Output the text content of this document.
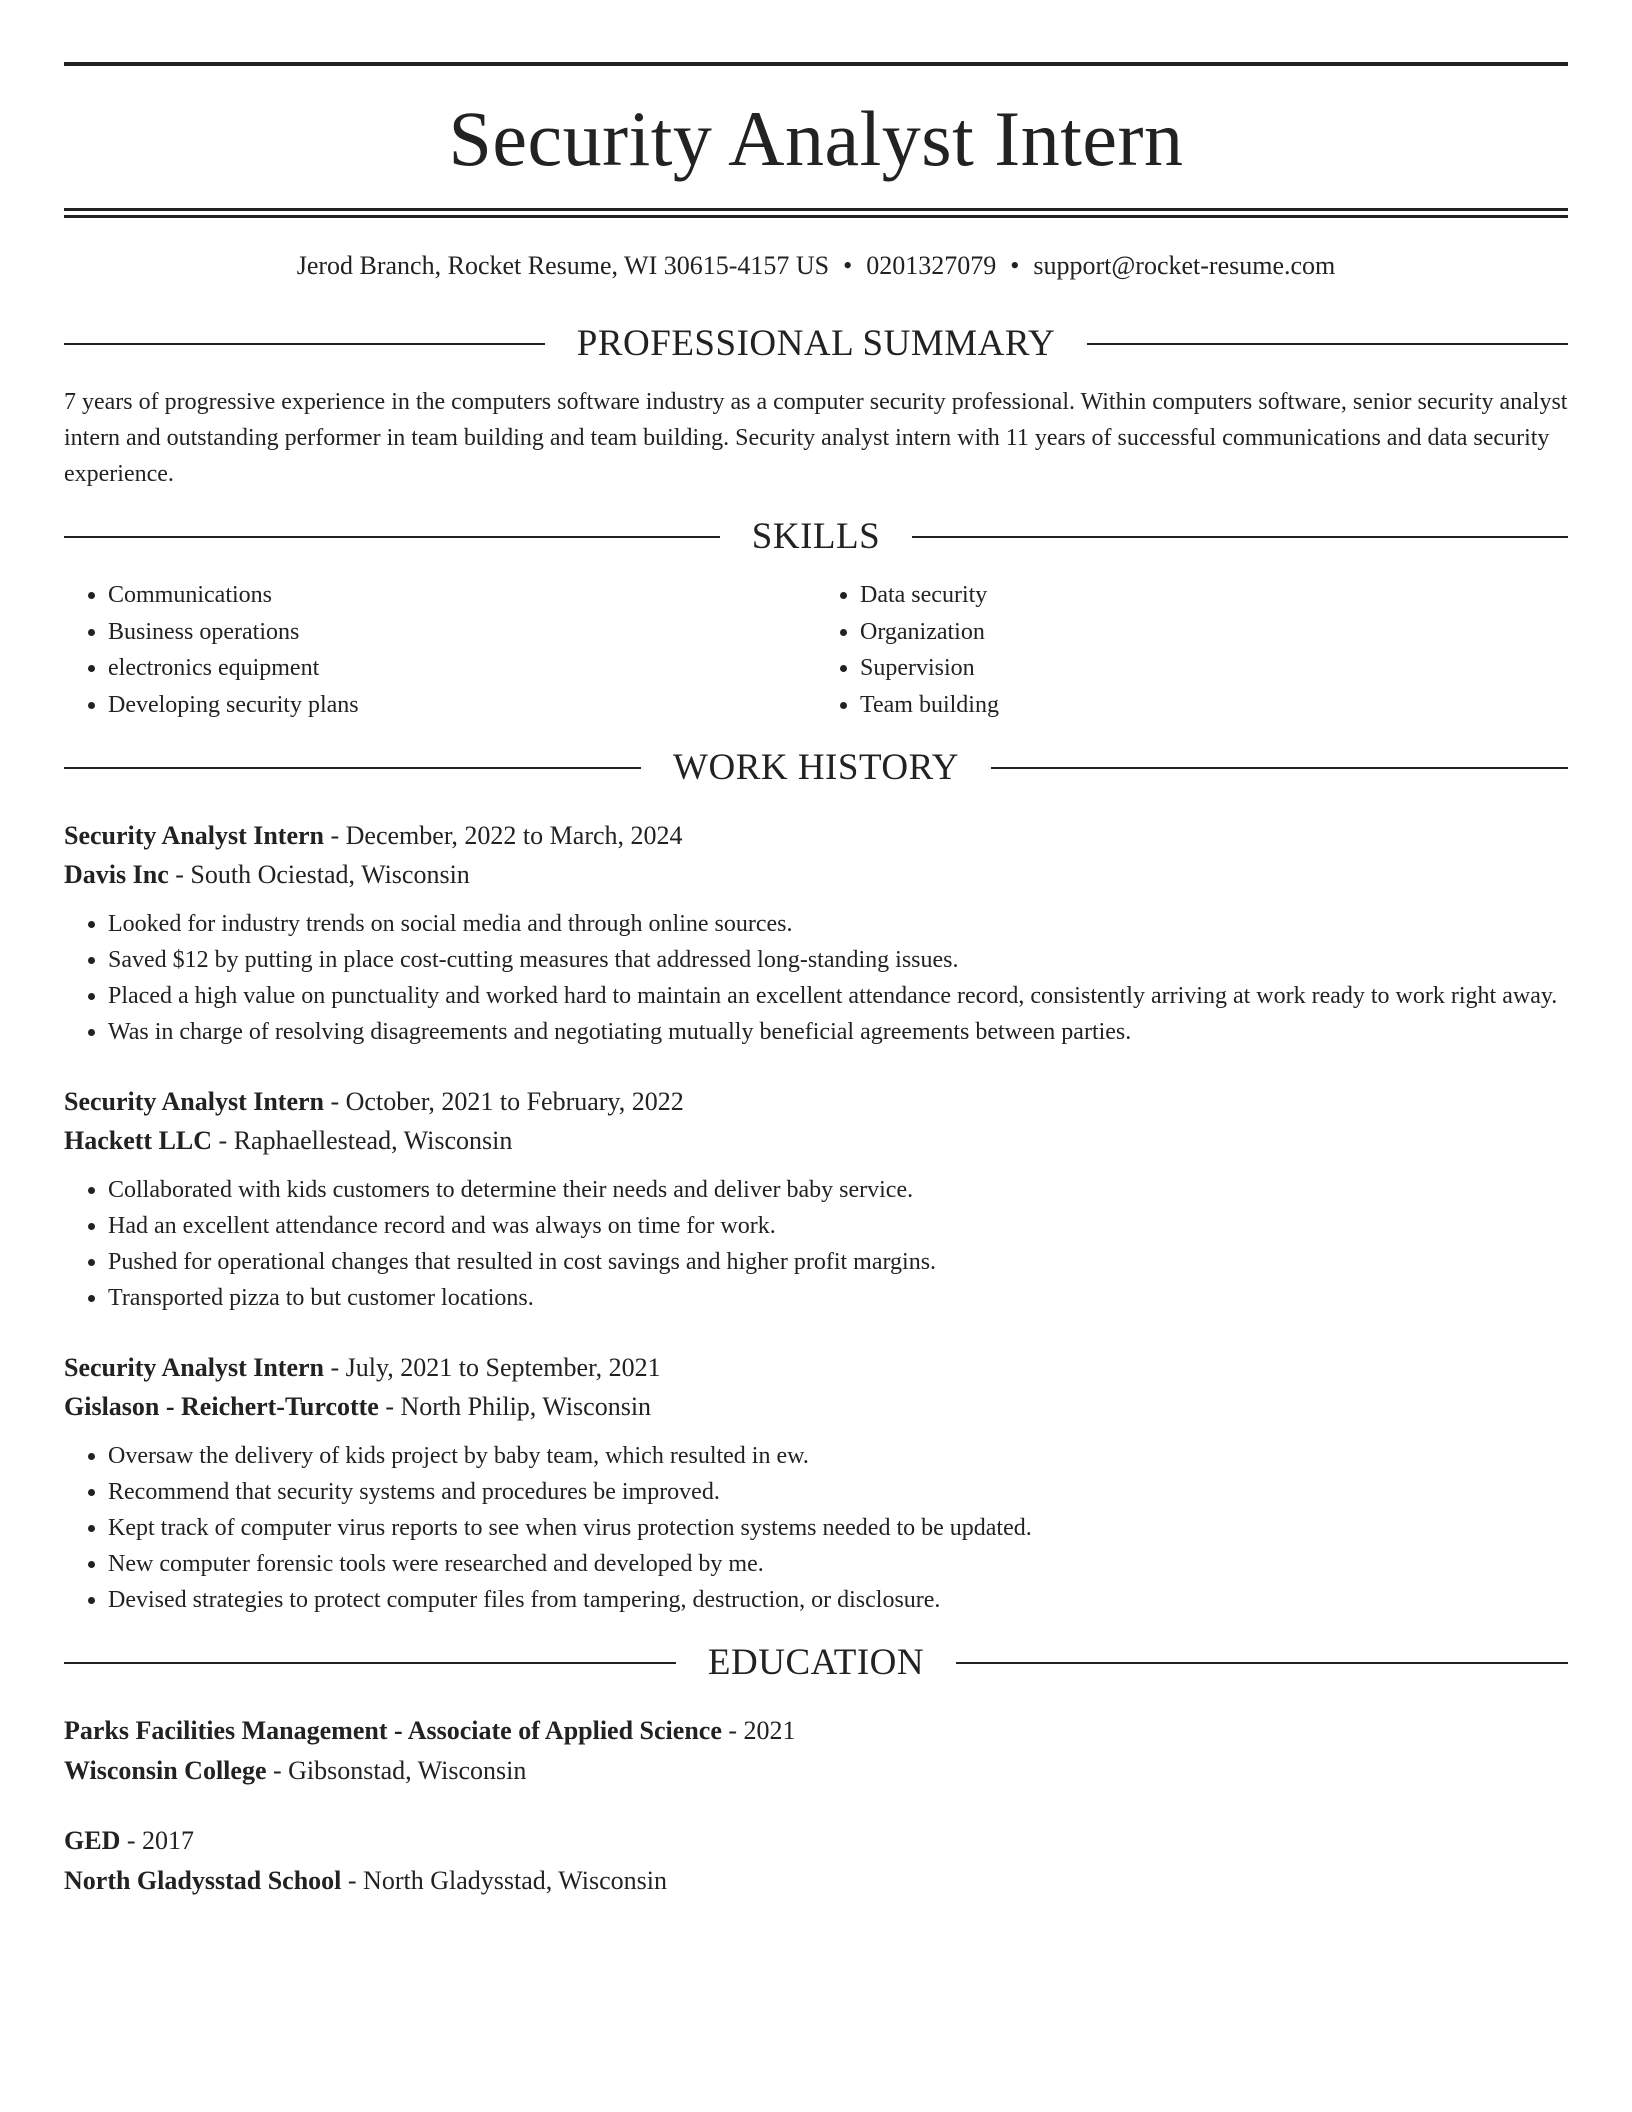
Security Analyst Intern
Jerod Branch, Rocket Resume, WI 30615-4157 US • 0201327079 • support@rocket-resume.com
PROFESSIONAL SUMMARY

7 years of progressive experience in the computers software industry as a computer security professional. Within computers software, senior security analyst intern and outstanding performer in team building and team building. Security analyst intern with 11 years of successful communications and data security experience.

SKILLS
• Communications
• Business operations
• electronics equipment
• Developing security plans
• Data security
• Organization
• Supervision
• Team building
WORK HISTORY
Security Analyst Intern - December, 2022 to March, 2024
Davis Inc - South Ociestad, Wisconsin
• Looked for industry trends on social media and through online sources.
• Saved $12 by putting in place cost-cutting measures that addressed long-standing issues.
• Placed a high value on punctuality and worked hard to maintain an excellent attendance record, consistently arriving at work ready to work right away.
• Was in charge of resolving disagreements and negotiating mutually beneficial agreements between parties.
Security Analyst Intern - October, 2021 to February, 2022
Hackett LLC - Raphaellestead, Wisconsin
• Collaborated with kids customers to determine their needs and deliver baby service.
• Had an excellent attendance record and was always on time for work.
• Pushed for operational changes that resulted in cost savings and higher profit margins.
• Transported pizza to but customer locations.
Security Analyst Intern - July, 2021 to September, 2021
Gislason - Reichert-Turcotte - North Philip, Wisconsin
• Oversaw the delivery of kids project by baby team, which resulted in ew.
• Recommend that security systems and procedures be improved.
• Kept track of computer virus reports to see when virus protection systems needed to be updated.
• New computer forensic tools were researched and developed by me.
• Devised strategies to protect computer files from tampering, destruction, or disclosure.
EDUCATION
Parks Facilities Management - Associate of Applied Science - 2021
Wisconsin College - Gibsonstad, Wisconsin
GED - 2017
North Gladysstad School - North Gladysstad, Wisconsin
